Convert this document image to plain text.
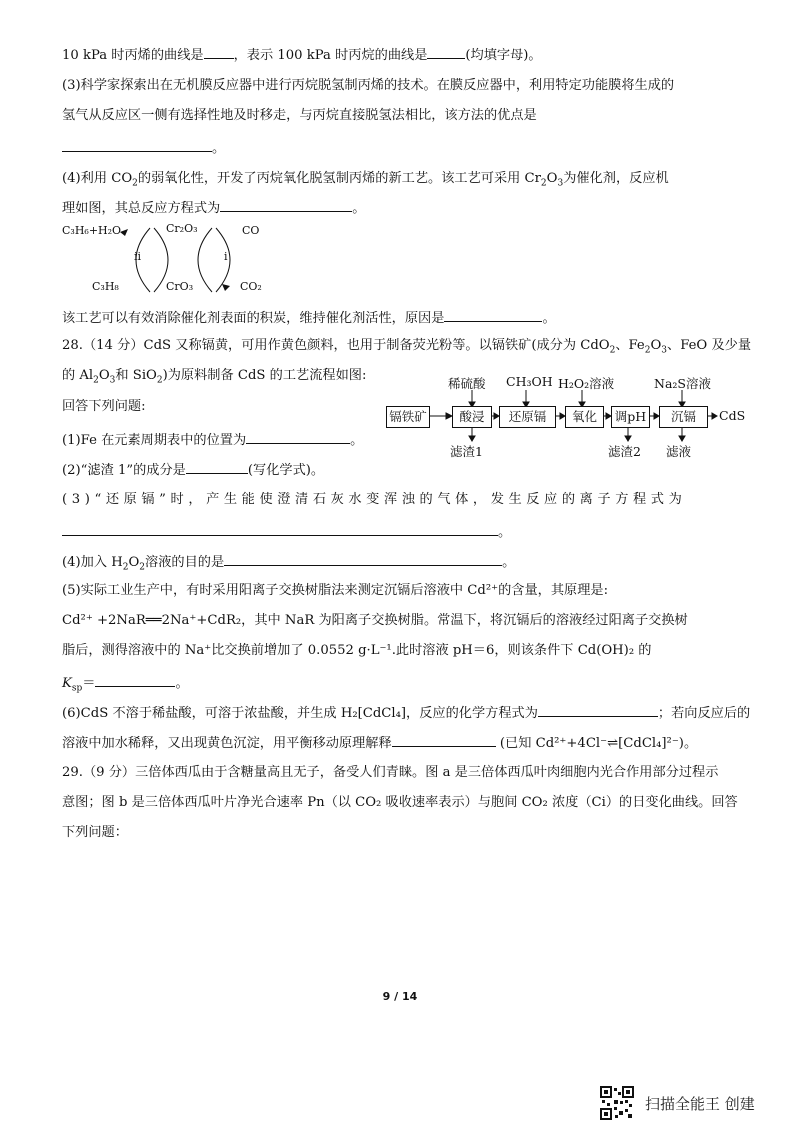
10 kPa 时丙烯的曲线是 ，表示 100 kPa 时丙烷的曲线是	(均填字母)。
(3)科学家探索出在无机膜反应器中进行丙烷脱氢制丙烯的技术。在膜反应器中，利用特定功能膜将生成的
氢气从反应区一侧有选择性地及时移走，与丙烷直接脱氢法相比，该方法的优点是
。
(4)利用 $CO_2$的弱氧化性，开发了丙烷氧化脱氢制丙烯的新工艺。该工艺可采用 $Cr_2O_3$为催化剂，反应机
理如图，其总反应方程式为	。
C₃H₆+H₂O
C₃H₈
Cr₂O₃
CrO₃
CO
CO₂
ii	i
该工艺可以有效消除催化剂表面的积炭，维持催化剂活性，原因是	。
28.（14 分）CdS 又称镉黄，可用作黄色颜料，也用于制备荧光粉等。以镉铁矿(成分为 CdO$_2$、$Fe_2O_3$、FeO 及少量
的 $Al_2O_3$和 SiO$_2$)为原料制备 CdS 的工艺流程如图:
回答下列问题:
镉铁矿	酸浸	还原镉	氧化	调pH	沉镉	CdS
稀硫酸 CH₃OH H₂O₂溶液	Na₂S溶液
滤渣1	滤渣2 滤液
(1)Fe 在元素周期表中的位置为	。
(2)“滤渣 1”的成分是	(写化学式)。
(3)“还原镉”时，产生能使澄清石灰水变浑浊的气体，发生反应的离子方程式为
。
(4)加入 $H_2O_2$溶液的目的是	。
(5)实际工业生产中，有时采用阳离子交换树脂法来测定沉镉后溶液中 Cd²⁺的含量，其原理是:
Cd²⁺ +2NaR══2Na⁺+CdR₂，其中 NaR 为阳离子交换树脂。常温下，将沉镉后的溶液经过阳离子交换树
脂后，测得溶液中的 Na⁺比交换前增加了 0.0552 g·L⁻¹.此时溶液 pH＝6，则该条件下 Cd(OH)₂ 的
$K_{sp}=$	。
(6)CdS 不溶于稀盐酸，可溶于浓盐酸，并生成 H₂[CdCl₄]，反应的化学方程式为	；若向反应后的
溶液中加水稀释，又出现黄色沉淀，用平衡移动原理解释	(已知 Cd²⁺+4Cl⁻⇌[CdCl₄]²⁻)。
29.（9 分）三倍体西瓜由于含糖量高且无子，备受人们青睐。图 a 是三倍体西瓜叶肉细胞内光合作用部分过程示
意图；图 b 是三倍体西瓜叶片净光合速率 Pn（以 CO₂ 吸收速率表示）与胞间 CO₂ 浓度（Ci）的日变化曲线。回答
下列问题：
9 / 14
扫描全能王 创建
